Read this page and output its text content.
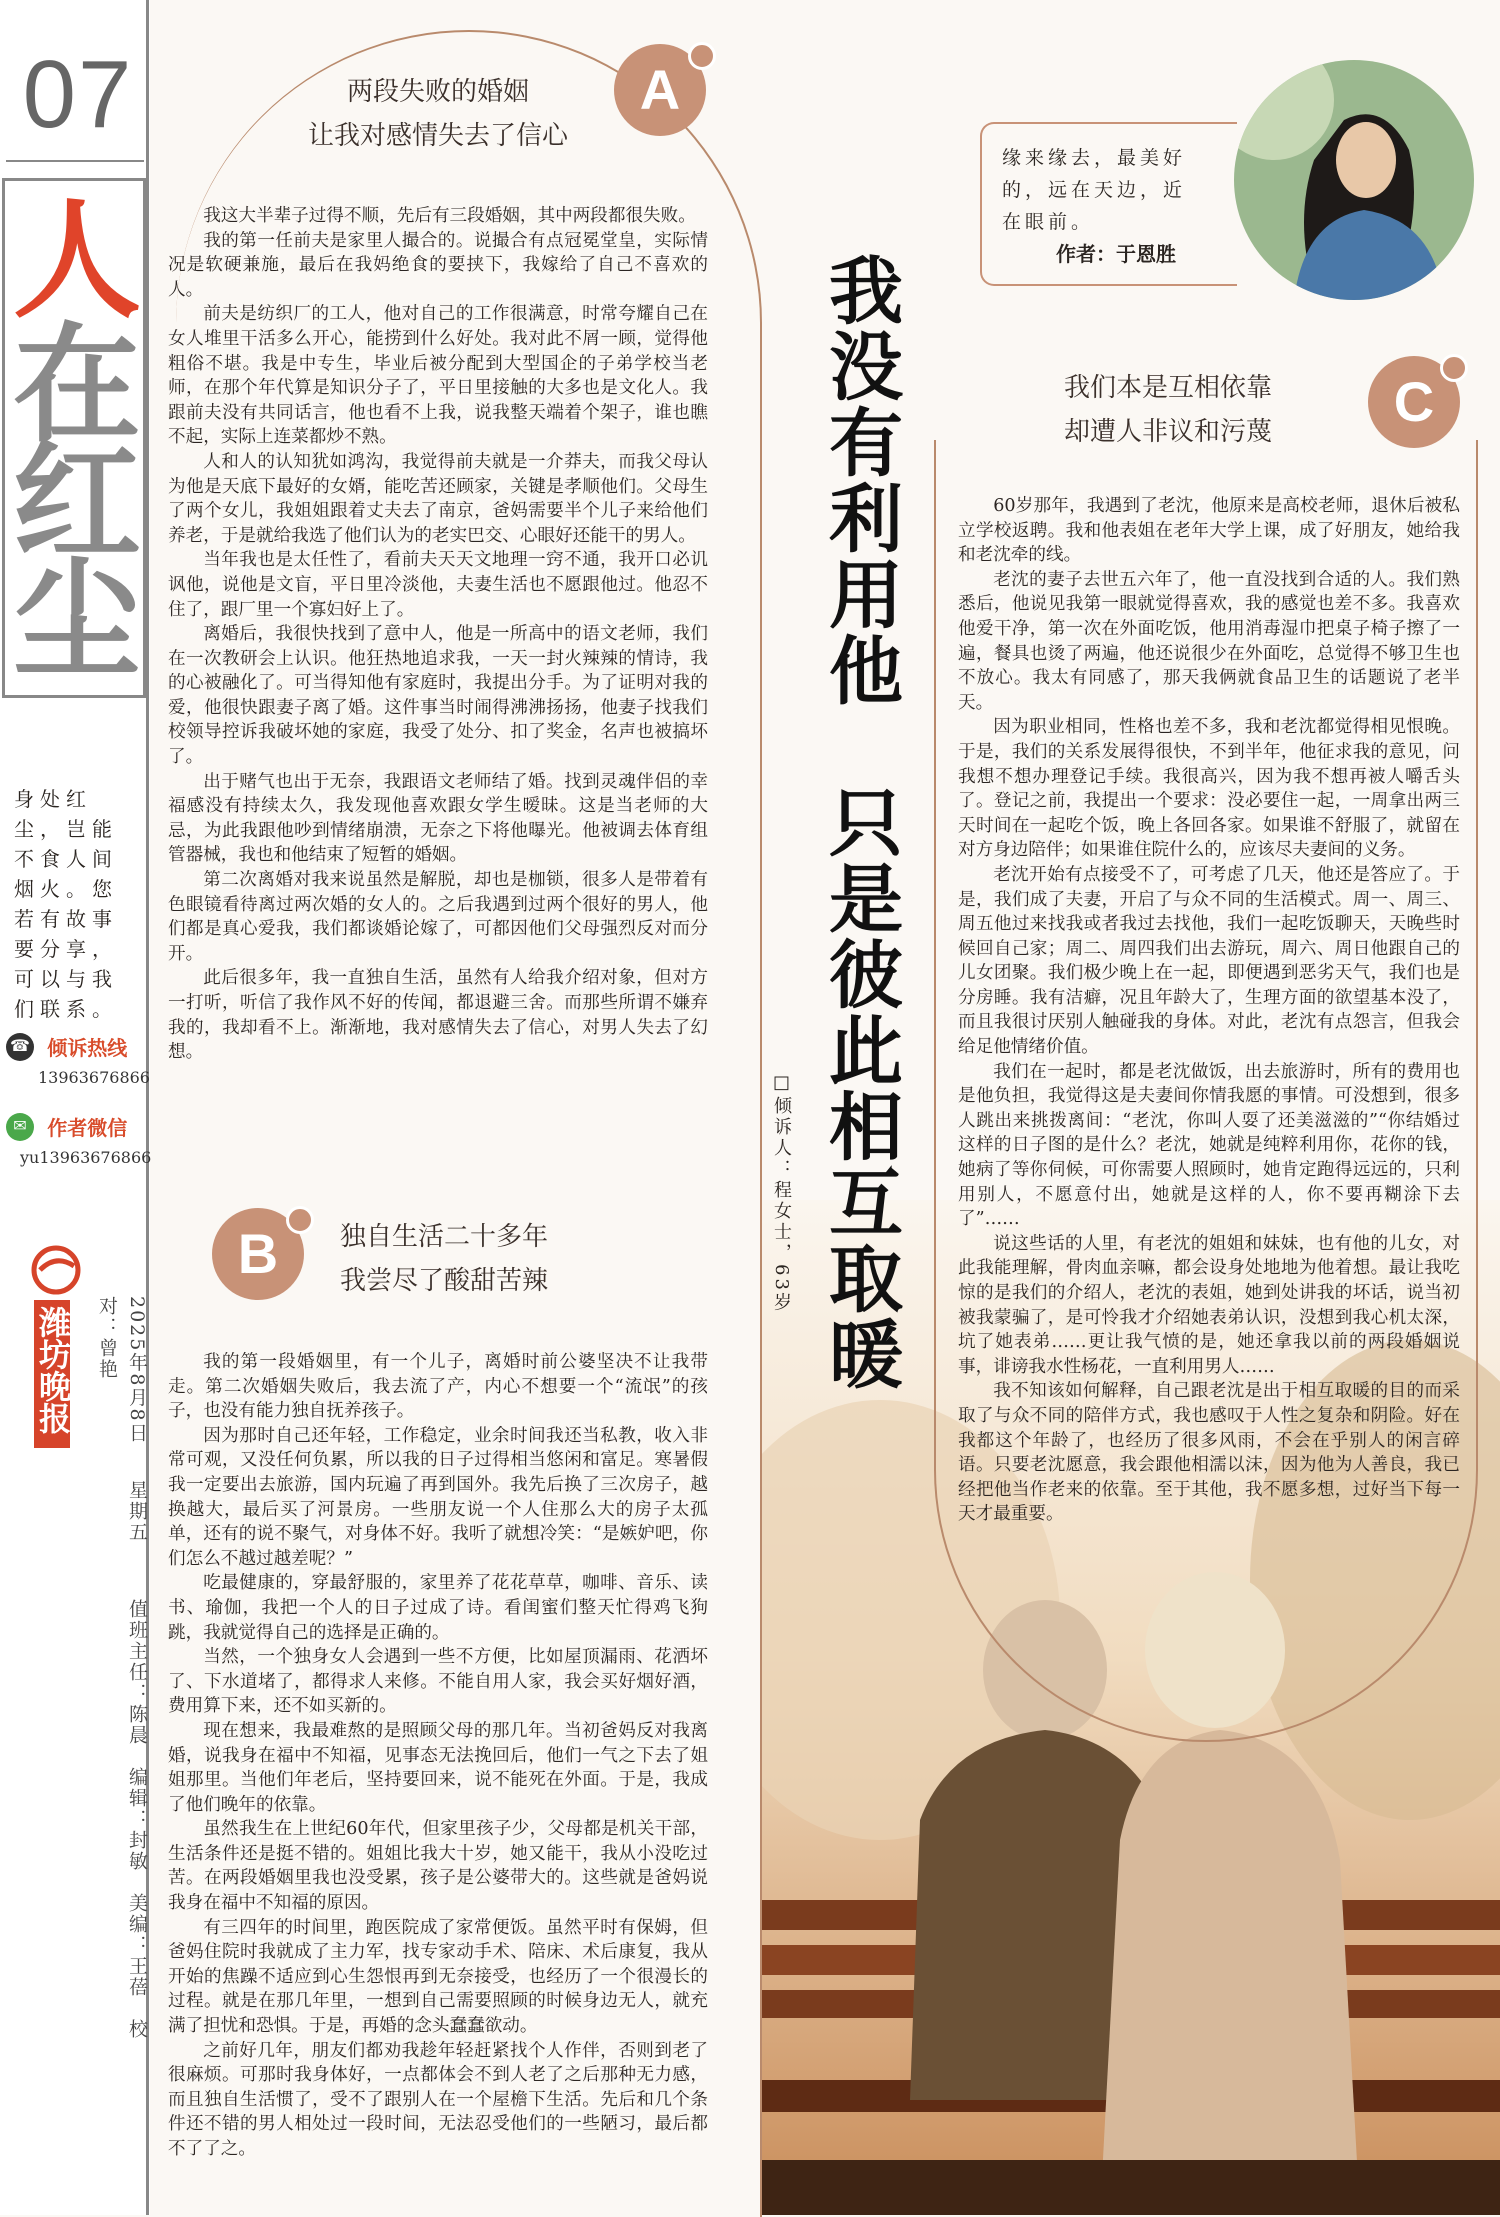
07
人
在
红
尘
身处红尘，岂能不食人间烟火。您若有故事要分享，可以与我们联系。
☎ 倾诉热线
13963676866
✉ 作者微信
yu13963676866
潍坊晚报	2025年8月8日  星期五  值班主任：陈晨　编辑：封敏　美编：王蓓　校对：曾艳
两段失败的婚姻
让我对感情失去了信心
A

我这大半辈子过得不顺，先后有三段婚姻，其中两段都很失败。

我的第一任前夫是家里人撮合的。说撮合有点冠冕堂皇，实际情况是软硬兼施，最后在我妈绝食的要挟下，我嫁给了自己不喜欢的人。

前夫是纺织厂的工人，他对自己的工作很满意，时常夸耀自己在女人堆里干活多么开心，能捞到什么好处。我对此不屑一顾，觉得他粗俗不堪。我是中专生，毕业后被分配到大型国企的子弟学校当老师，在那个年代算是知识分子了，平日里接触的大多也是文化人。我跟前夫没有共同话言，他也看不上我，说我整天端着个架子，谁也瞧不起，实际上连菜都炒不熟。

人和人的认知犹如鸿沟，我觉得前夫就是一介莽夫，而我父母认为他是天底下最好的女婿，能吃苦还顾家，关键是孝顺他们。父母生了两个女儿，我姐姐跟着丈夫去了南京，爸妈需要半个儿子来给他们养老，于是就给我选了他们认为的老实巴交、心眼好还能干的男人。

当年我也是太任性了，看前夫天天文地理一窍不通，我开口必讥讽他，说他是文盲，平日里冷淡他，夫妻生活也不愿跟他过。他忍不住了，跟厂里一个寡妇好上了。

离婚后，我很快找到了意中人，他是一所高中的语文老师，我们在一次教研会上认识。他狂热地追求我，一天一封火辣辣的情诗，我的心被融化了。可当得知他有家庭时，我提出分手。为了证明对我的爱，他很快跟妻子离了婚。这件事当时闹得沸沸扬扬，他妻子找我们校领导控诉我破坏她的家庭，我受了处分、扣了奖金，名声也被搞坏了。

出于赌气也出于无奈，我跟语文老师结了婚。找到灵魂伴侣的幸福感没有持续太久，我发现他喜欢跟女学生暧昧。这是当老师的大忌，为此我跟他吵到情绪崩溃，无奈之下将他曝光。他被调去体育组管器械，我也和他结束了短暂的婚姻。

第二次离婚对我来说虽然是解脱，却也是枷锁，很多人是带着有色眼镜看待离过两次婚的女人的。之后我遇到过两个很好的男人，他们都是真心爱我，我们都谈婚论嫁了，可都因他们父母强烈反对而分开。

此后很多年，我一直独自生活，虽然有人给我介绍对象，但对方一打听，听信了我作风不好的传闻，都退避三舍。而那些所谓不嫌弃我的，我却看不上。渐渐地，我对感情失去了信心，对男人失去了幻想。

B	独自生活二十多年
我尝尽了酸甜苦辣

我的第一段婚姻里，有一个儿子，离婚时前公婆坚决不让我带走。第二次婚姻失败后，我去流了产，内心不想要一个“流氓”的孩子，也没有能力独自抚养孩子。

因为那时自己还年轻，工作稳定，业余时间我还当私教，收入非常可观，又没任何负累，所以我的日子过得相当悠闲和富足。寒暑假我一定要出去旅游，国内玩遍了再到国外。我先后换了三次房子，越换越大，最后买了河景房。一些朋友说一个人住那么大的房子太孤单，还有的说不聚气，对身体不好。我听了就想冷笑：“是嫉妒吧，你们怎么不越过越差呢？”

吃最健康的，穿最舒服的，家里养了花花草草，咖啡、音乐、读书、瑜伽，我把一个人的日子过成了诗。看闺蜜们整天忙得鸡飞狗跳，我就觉得自己的选择是正确的。

当然，一个独身女人会遇到一些不方便，比如屋顶漏雨、花洒坏了、下水道堵了，都得求人来修。不能自用人家，我会买好烟好酒，费用算下来，还不如买新的。

现在想来，我最难熬的是照顾父母的那几年。当初爸妈反对我离婚，说我身在福中不知福，见事态无法挽回后，他们一气之下去了姐姐那里。当他们年老后，坚持要回来，说不能死在外面。于是，我成了他们晚年的依靠。

虽然我生在上世纪60年代，但家里孩子少，父母都是机关干部，生活条件还是挺不错的。姐姐比我大十岁，她又能干，我从小没吃过苦。在两段婚姻里我也没受累，孩子是公婆带大的。这些就是爸妈说我身在福中不知福的原因。

有三四年的时间里，跑医院成了家常便饭。虽然平时有保姆，但爸妈住院时我就成了主力军，找专家动手术、陪床、术后康复，我从开始的焦躁不适应到心生怨恨再到无奈接受，也经历了一个很漫长的过程。就是在那几年里，一想到自己需要照顾的时候身边无人，就充满了担忧和恐惧。于是，再婚的念头蠢蠢欲动。

之前好几年，朋友们都劝我趁年轻赶紧找个人作伴，否则到老了很麻烦。可那时我身体好，一点都体会不到人老了之后那种无力感，而且独自生活惯了，受不了跟别人在一个屋檐下生活。先后和几个条件还不错的男人相处过一段时间，无法忍受他们的一些陋习，最后都不了了之。

我没有利用他　只是彼此相互取暖
□倾诉人：程女士，63岁
缘来缘去，最美好的，远在天边，近在眼前。
作者：于恩胜
我们本是互相依靠
却遭人非议和污蔑	C

60岁那年，我遇到了老沈，他原来是高校老师，退休后被私立学校返聘。我和他表姐在老年大学上课，成了好朋友，她给我和老沈牵的线。

老沈的妻子去世五六年了，他一直没找到合适的人。我们熟悉后，他说见我第一眼就觉得喜欢，我的感觉也差不多。我喜欢他爱干净，第一次在外面吃饭，他用消毒湿巾把桌子椅子擦了一遍，餐具也烫了两遍，他还说很少在外面吃，总觉得不够卫生也不放心。我太有同感了，那天我俩就食品卫生的话题说了老半天。

因为职业相同，性格也差不多，我和老沈都觉得相见恨晚。于是，我们的关系发展得很快，不到半年，他征求我的意见，问我想不想办理登记手续。我很高兴，因为我不想再被人嚼舌头了。登记之前，我提出一个要求：没必要住一起，一周拿出两三天时间在一起吃个饭，晚上各回各家。如果谁不舒服了，就留在对方身边陪伴；如果谁住院什么的，应该尽夫妻间的义务。

老沈开始有点接受不了，可考虑了几天，他还是答应了。于是，我们成了夫妻，开启了与众不同的生活模式。周一、周三、周五他过来找我或者我过去找他，我们一起吃饭聊天，天晚些时候回自己家；周二、周四我们出去游玩，周六、周日他跟自己的儿女团聚。我们极少晚上在一起，即便遇到恶劣天气，我们也是分房睡。我有洁癖，况且年龄大了，生理方面的欲望基本没了，而且我很讨厌别人触碰我的身体。对此，老沈有点怨言，但我会给足他情绪价值。

我们在一起时，都是老沈做饭，出去旅游时，所有的费用也是他负担，我觉得这是夫妻间你情我愿的事情。可没想到，很多人跳出来挑拨离间：“老沈，你叫人耍了还美滋滋的”“你结婚过这样的日子图的是什么？老沈，她就是纯粹利用你，花你的钱，她病了等你伺候，可你需要人照顾时，她肯定跑得远远的，只利用别人，不愿意付出，她就是这样的人，你不要再糊涂下去了”……

说这些话的人里，有老沈的姐姐和妹妹，也有他的儿女，对此我能理解，骨肉血亲嘛，都会设身处地地为他着想。最让我吃惊的是我们的介绍人，老沈的表姐，她到处讲我的坏话，说当初被我蒙骗了，是可怜我才介绍她表弟认识，没想到我心机太深，坑了她表弟……更让我气愤的是，她还拿我以前的两段婚姻说事，诽谤我水性杨花，一直利用男人……

我不知该如何解释，自己跟老沈是出于相互取暖的目的而采取了与众不同的陪伴方式，我也感叹于人性之复杂和阴险。好在我都这个年龄了，也经历了很多风雨，不会在乎别人的闲言碎语。只要老沈愿意，我会跟他相濡以沫，因为他为人善良，我已经把他当作老来的依靠。至于其他，我不愿多想，过好当下每一天才最重要。
